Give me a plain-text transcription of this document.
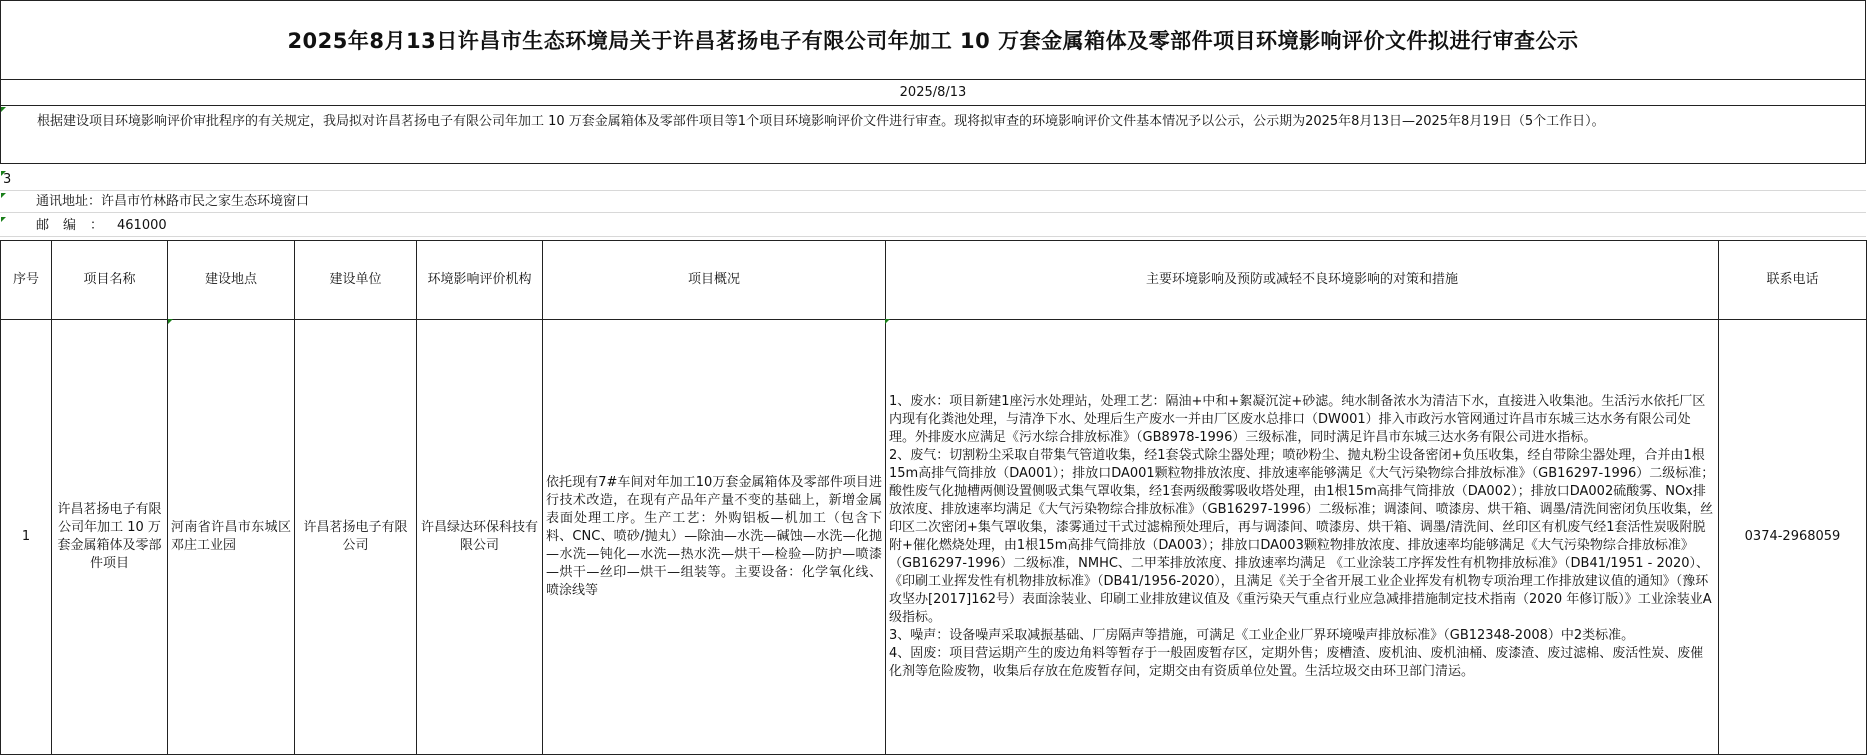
2025年8月13日许昌市生态环境局关于许昌茗扬电子有限公司年加工 10 万套金属箱体及零部件项目环境影响评价文件拟进行审查公示
2025/8/13
根据建设项目环境影响评价审批程序的有关规定，我局拟对许昌茗扬电子有限公司年加工 10 万套金属箱体及零部件项目等1个项目环境影响评价文件进行审查。现将拟审查的环境影响评价文件基本情况予以公示，公示期为2025年8月13日—2025年8月19日（5个工作日）。
3
通讯地址：许昌市竹林路市民之家生态环境窗口
邮编：461000
序号	项目名称	建设地点	建设单位	环境影响评价机构	项目概况	主要环境影响及预防或减轻不良环境影响的对策和措施	联系电话
1	许昌茗扬电子有限公司年加工 10 万套金属箱体及零部件项目	河南省许昌市东城区邓庄工业园	许昌茗扬电子有限公司	许昌绿达环保科技有限公司	依托现有7#车间对年加工10万套金属箱体及零部件项目进行技术改造，在现有产品年产量不变的基础上，新增金属表面处理工序。生产工艺：外购铝板—机加工（包含下料、CNC、喷砂/抛丸）—除油—水洗—碱蚀—水洗—化抛—水洗—钝化—水洗—热水洗—烘干—检验—防护—喷漆—烘干—丝印—烘干—组装等。主要设备：化学氧化线、喷涂线等	1、废水：项目新建1座污水处理站，处理工艺：隔油+中和+絮凝沉淀+砂滤。纯水制备浓水为清洁下水，直接进入收集池。生活污水依托厂区内现有化粪池处理，与清净下水、处理后生产废水一并由厂区废水总排口（DW001）排入市政污水管网通过许昌市东城三达水务有限公司处理。外排废水应满足《污水综合排放标准》（GB8978-1996）三级标准，同时满足许昌市东城三达水务有限公司进水指标。

2、废气：切割粉尘采取自带集气管道收集，经1套袋式除尘器处理；喷砂粉尘、抛丸粉尘设备密闭+负压收集，经自带除尘器处理，合并由1根15m高排气筒排放（DA001）；排放口DA001颗粒物排放浓度、排放速率能够满足《大气污染物综合排放标准》（GB16297-1996）二级标准；酸性废气化抛槽两侧设置侧吸式集气罩收集，经1套两级酸雾吸收塔处理，由1根15m高排气筒排放（DA002）；排放口DA002硫酸雾、NOx排放浓度、排放速率均满足《大气污染物综合排放标准》（GB16297-1996）二级标准；调漆间、喷漆房、烘干箱、调墨/清洗间密闭负压收集，丝印区二次密闭+集气罩收集，漆雾通过干式过滤棉预处理后，再与调漆间、喷漆房、烘干箱、调墨/清洗间、丝印区有机废气经1套活性炭吸附脱附+催化燃烧处理，由1根15m高排气筒排放（DA003）；排放口DA003颗粒物排放浓度、排放速率均能够满足《大气污染物综合排放标准》（GB16297-1996）二级标准，NMHC、二甲苯排放浓度、排放速率均满足 《工业涂装工序挥发性有机物排放标准》（DB41/1951 - 2020）、 《印刷工业挥发性有机物排放标准》（DB41/1956-2020），且满足《关于全省开展工业企业挥发有机物专项治理工作排放建议值的通知》（豫环攻坚办[2017]162号）表面涂装业、印刷工业排放建议值及《重污染天气重点行业应急减排措施制定技术指南（2020 年修订版）》工业涂装业A级指标。

3、噪声：设备噪声采取减振基础、厂房隔声等措施，可满足《工业企业厂界环境噪声排放标准》（GB12348-2008）中2类标准。

4、固废：项目营运期产生的废边角料等暂存于一般固废暂存区，定期外售；废槽渣、废机油、废机油桶、废漆渣、废过滤棉、废活性炭、废催化剂等危险废物，收集后存放在危废暂存间，定期交由有资质单位处置。生活垃圾交由环卫部门清运。	0374-2968059
